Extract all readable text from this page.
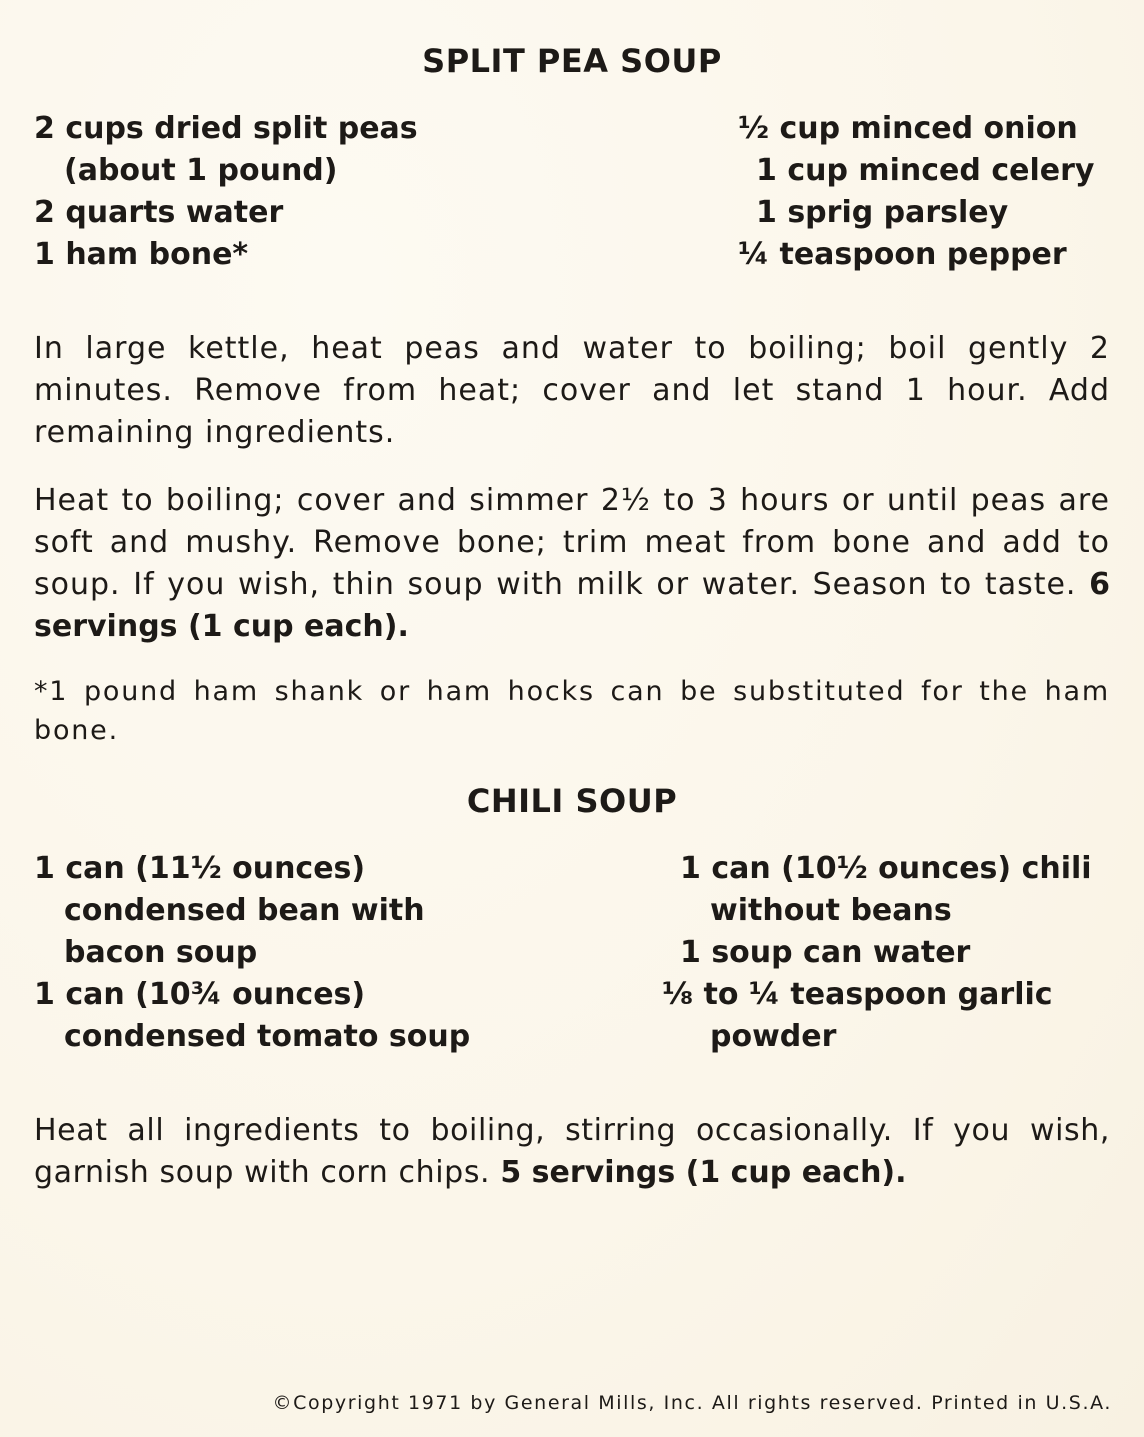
SPLIT PEA SOUP
2 cups dried split peas
(about 1 pound)
2 quarts water
1 ham bone*
½ cup minced onion
1 cup minced celery
1 sprig parsley
¼ teaspoon pepper

In large kettle, heat peas and water to boiling; boil gently 2 minutes. Remove from heat; cover and let stand 1 hour. Add remaining ingredients.

Heat to boiling; cover and simmer 2½ to 3 hours or until peas are soft and mushy. Remove bone; trim meat from bone and add to soup. If you wish, thin soup with milk or water. Season to taste. 6 servings (1 cup each).

*1 pound ham shank or ham hocks can be substituted for the ham bone.

CHILI SOUP
1 can (11½ ounces)
condensed bean with
bacon soup
1 can (10¾ ounces)
condensed tomato soup
1 can (10½ ounces) chili
without beans
1 soup can water
⅛ to ¼ teaspoon garlic
powder

Heat all ingredients to boiling, stirring occasionally. If you wish, garnish soup with corn chips. 5 servings (1 cup each).

©Copyright 1971 by General Mills, Inc. All rights reserved. Printed in U.S.A.
